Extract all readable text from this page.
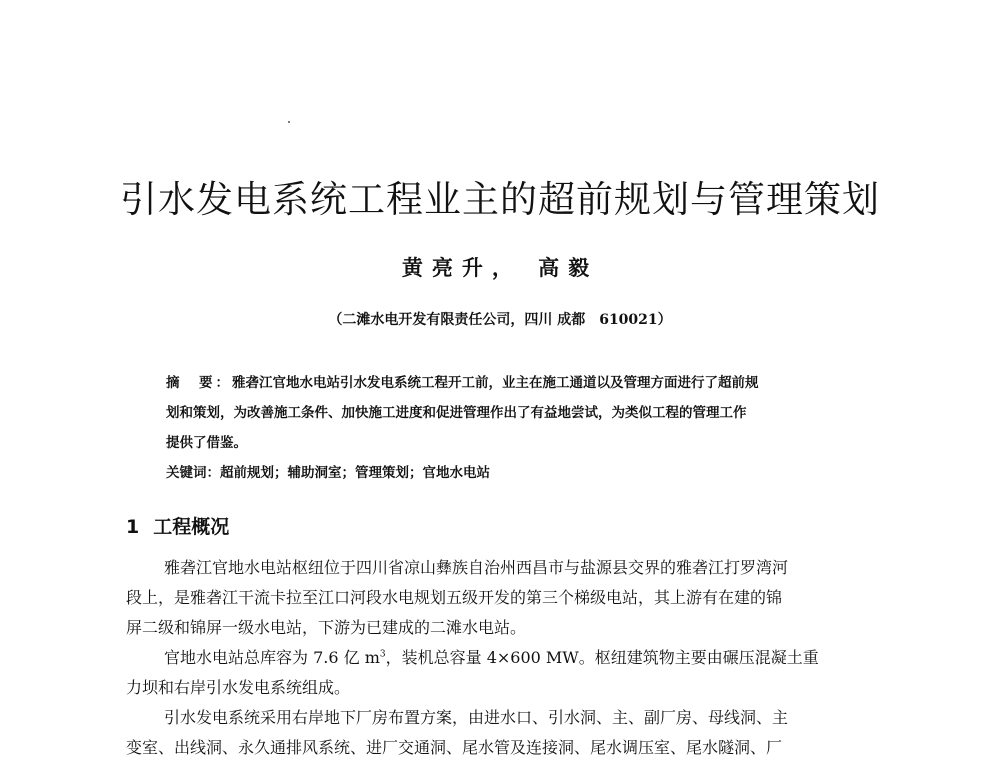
引水发电系统工程业主的超前规划与管理策划
黄亮升， 高毅
（二滩水电开发有限责任公司，四川 成都　610021）
摘　要：雅砻江官地水电站引水发电系统工程开工前，业主在施工通道以及管理方面进行了超前规
划和策划，为改善施工条件、加快施工进度和促进管理作出了有益地尝试，为类似工程的管理工作
提供了借鉴。
关键词：超前规划；辅助洞室；管理策划；官地水电站
1 工程概况
雅砻江官地水电站枢纽位于四川省凉山彝族自治州西昌市与盐源县交界的雅砻江打罗湾河
段上，是雅砻江干流卡拉至江口河段水电规划五级开发的第三个梯级电站，其上游有在建的锦
屏二级和锦屏一级水电站，下游为已建成的二滩水电站。
官地水电站总库容为 7.6 亿 $m^3$，装机总容量 4×600 MW。枢纽建筑物主要由碾压混凝土重
力坝和右岸引水发电系统组成。
引水发电系统采用右岸地下厂房布置方案，由进水口、引水洞、主、副厂房、母线洞、主
变室、出线洞、永久通排风系统、进厂交通洞、尾水管及连接洞、尾水调压室、尾水隧洞、厂
